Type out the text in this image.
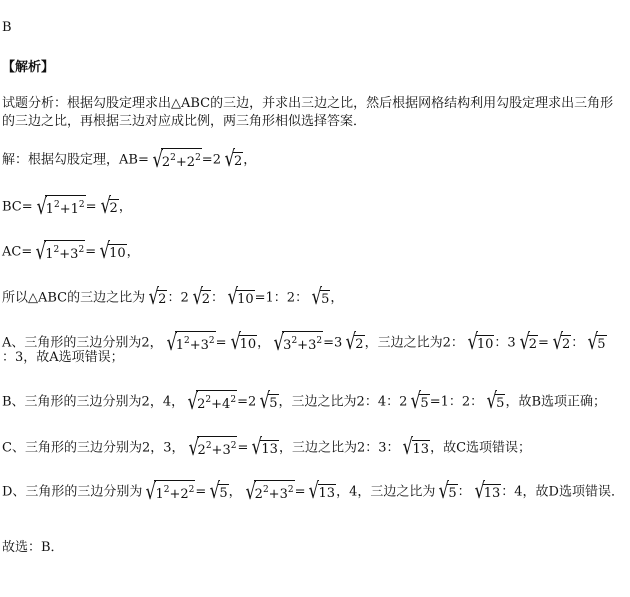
B
【解析】
试题分析：根据勾股定理求出△ABC的三边，并求出三边之比，然后根据网格结构利用勾股定理求出三角形的三边之比，再根据三边对应成比例，两三角形相似选择答案．
解：根据勾股定理，AB= √ $2^2+2^2 =2$ √ 2 ，
BC= √ $1^2+1^2$ = √ 2 ，
AC= √ $1^2+3^2$ = √ 10 ，
所以△ABC的三边之比为 √ 2 ：2 √ 2 ： √ 10 =1：2： √ 5 ，
A、三角形的三边分别为2， √ $1^2+3^2$ = √ 10 ， √ $3^2+3^2 =3$ √ 2 ，三边之比为2： √ 10 ：3 √ 2 = √ 2 ： √ 5
：3，故A选项错误；
B、三角形的三边分别为2，4， √ $2^2+4^2 =2$ √ 5 ，三边之比为2：4：2 √ 5 =1：2： √ 5 ，故B选项正确；
C、三角形的三边分别为2，3， √ $2^2+3^2$ = √ 13 ，三边之比为2：3： √ 13 ，故C选项错误；
D、三角形的三边分别为 √ $1^2+2^2$ = √ 5 ， √ $2^2+3^2$ = √ 13 ，4，三边之比为 √ 5 ： √ 13 ：4，故D选项错误．
故选：B．
